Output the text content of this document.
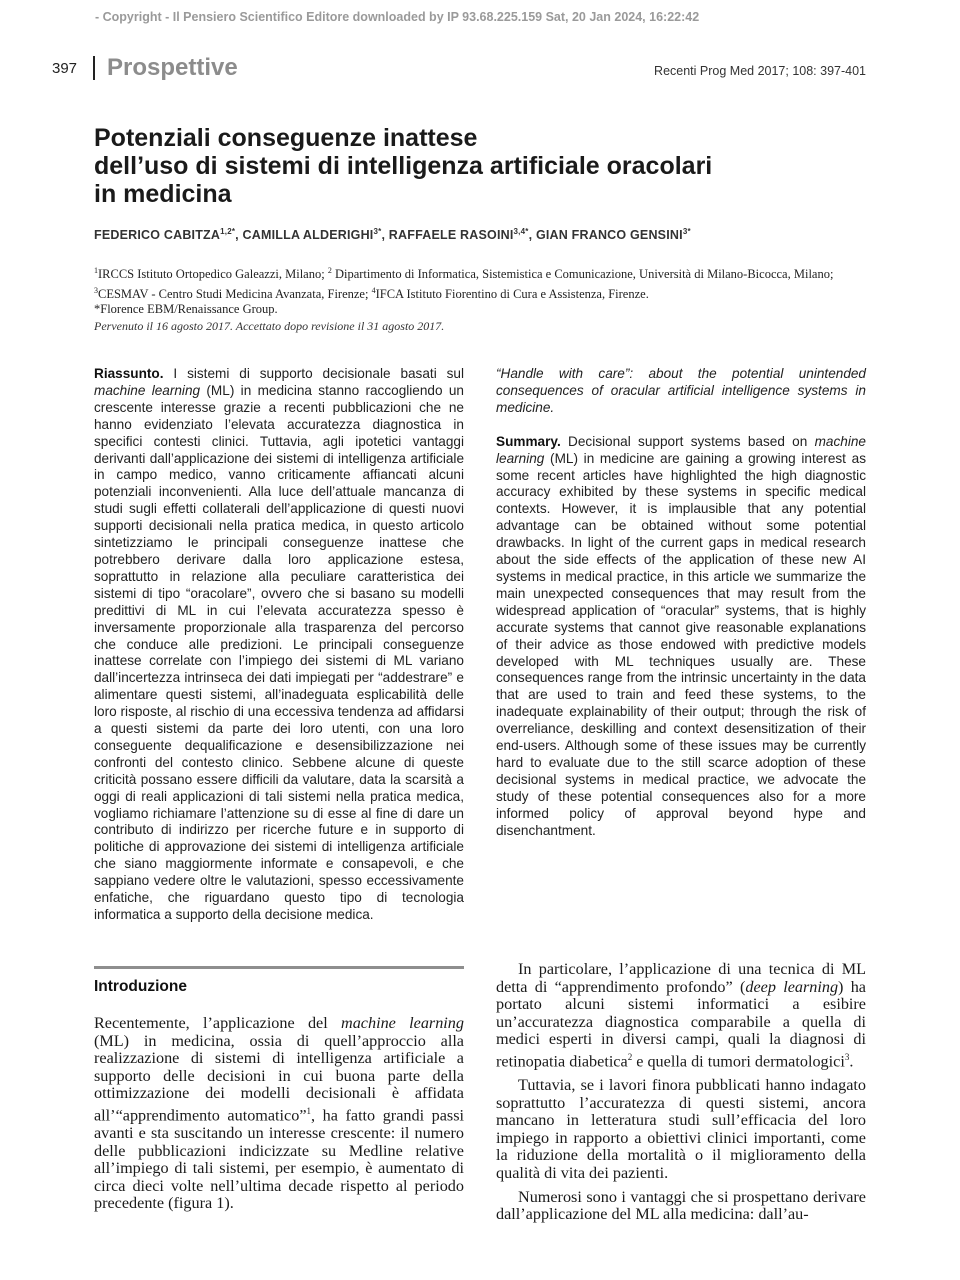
- Copyright - Il Pensiero Scientifico Editore downloaded by IP 93.68.225.159 Sat, 20 Jan 2024, 16:22:42
397 Prospettive	Recenti Prog Med 2017; 108: 397-401
Potenziali conseguenze inattese
dell’uso di sistemi di intelligenza artificiale oracolari
in medicina
FEDERICO $CABITZA^{1,2*}$, CAMILLA $ALDERIGHI^{3*}$, RAFFAELE $RASOINI^{3,4*}$, GIAN FRANCO $GENSINI^{3*}$
$^1$IRCCS Istituto Ortopedico Galeazzi, Milano; $^2$ Dipartimento di Informatica, Sistemistica e Comunicazione, Università di Milano-Bicocca, Milano; $^3$CESMAV - Centro Studi Medicina Avanzata, Firenze; $^4$IFCA Istituto Fiorentino di Cura e Assistenza, Firenze.
*Florence EBM/Renaissance Group.
Pervenuto il 16 agosto 2017. Accettato dopo revisione il 31 agosto 2017.
Riassunto. I sistemi di supporto decisionale basati sul machine learning (ML) in medicina stanno raccogliendo un crescente interesse grazie a recenti pubblicazioni che ne hanno evidenziato l’elevata accuratezza diagnostica in specifici contesti clinici. Tuttavia, agli ipotetici vantaggi derivanti dall’applicazione dei sistemi di intelligenza artificiale in campo medico, vanno criticamente affiancati alcuni potenziali inconvenienti. Alla luce dell’attuale mancanza di studi sugli effetti collaterali dell’applicazione di questi nuovi supporti decisionali nella pratica medica, in questo articolo sintetizziamo le principali conseguenze inattese che potrebbero derivare dalla loro applicazione estesa, soprattutto in relazione alla peculiare caratteristica dei sistemi di tipo “oracolare”, ovvero che si basano su modelli predittivi di ML in cui l’elevata accuratezza spesso è inversamente proporzionale alla trasparenza del percorso che conduce alle predizioni. Le principali conseguenze inattese correlate con l’impiego dei sistemi di ML variano dall’incertezza intrinseca dei dati impiegati per “addestrare” e alimentare questi sistemi, all’inadeguata esplicabilità delle loro risposte, al rischio di una eccessiva tendenza ad affidarsi a questi sistemi da parte dei loro utenti, con una loro conseguente dequalificazione e desensibilizzazione nei confronti del contesto clinico. Sebbene alcune di queste criticità possano essere difficili da valutare, data la scarsità a oggi di reali applicazioni di tali sistemi nella pratica medica, vogliamo richiamare l’attenzione su di esse al fine di dare un contributo di indirizzo per ricerche future e in supporto di politiche di approvazione dei sistemi di intelligenza artificiale che siano maggiormente informate e consapevoli, e che sappiano vedere oltre le valutazioni, spesso eccessivamente enfatiche, che riguardano questo tipo di tecnologia informatica a supporto della decisione medica.

“Handle with care”: about the potential unintended consequences of oracular artificial intelligence systems in medicine.

Summary. Decisional support systems based on machine learning (ML) in medicine are gaining a growing interest as some recent articles have highlighted the high diagnostic accuracy exhibited by these systems in specific medical contexts. However, it is implausible that any potential advantage can be obtained without some potential drawbacks. In light of the current gaps in medical research about the side effects of the application of these new AI systems in medical practice, in this article we summarize the main unexpected consequences that may result from the widespread application of “oracular” systems, that is highly accurate systems that cannot give reasonable explanations of their advice as those endowed with predictive models developed with ML techniques usually are. These consequences range from the intrinsic uncertainty in the data that are used to train and feed these systems, to the inadequate explainability of their output; through the risk of overreliance, deskilling and context desensitization of their end-users. Although some of these issues may be currently hard to evaluate due to the still scarce adoption of these decisional systems in medical practice, we advocate the study of these potential consequences also for a more informed policy of approval beyond hype and disenchantment.
Introduzione

Recentemente, l’applicazione del machine learning (ML) in medicina, ossia di quell’approccio alla realizzazione di sistemi di intelligenza artificiale a supporto delle decisioni in cui buona parte della ottimizzazione dei modelli decisionali è affidata all’“apprendimento automatico”$^1$, ha fatto grandi passi avanti e sta suscitando un interesse crescente: il numero delle pubblicazioni indicizzate su Medline relative all’impiego di tali sistemi, per esempio, è aumentato di circa dieci volte nell’ultima decade rispetto al periodo precedente (figura 1).

In particolare, l’applicazione di una tecnica di ML detta di “apprendimento profondo” (deep learning) ha portato alcuni sistemi informatici a esibire un’accuratezza diagnostica comparabile a quella di medici esperti in diversi campi, quali la diagnosi di retinopatia diabetica$^2$ e quella di tumori dermatologici$^3$.

Tuttavia, se i lavori finora pubblicati hanno indagato soprattutto l’accuratezza di questi sistemi, ancora mancano in letteratura studi sull’efficacia del loro impiego in rapporto a obiettivi clinici importanti, come la riduzione della mortalità o il miglioramento della qualità di vita dei pazienti.

Numerosi sono i vantaggi che si prospettano derivare dall’applicazione del ML alla medicina: dall’au-
